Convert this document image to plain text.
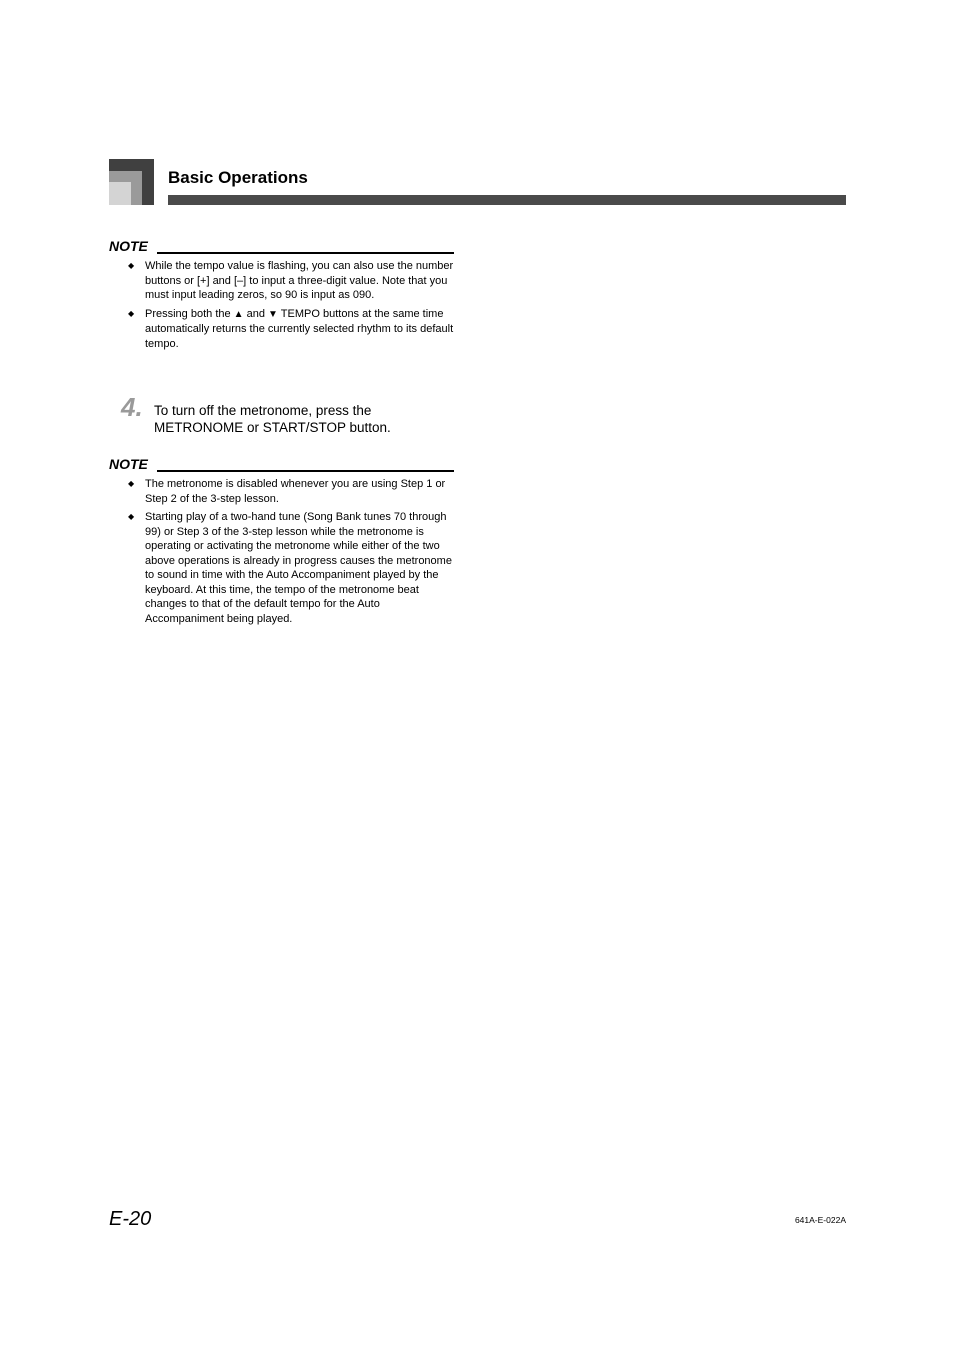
Basic Operations
NOTE
◆ While the tempo value is flashing, you can also use the number buttons or [+] and [–] to input a three-digit value. Note that you must input leading zeros, so 90 is input as 090.
◆ Pressing both the ▲ and ▼ TEMPO buttons at the same time automatically returns the currently selected rhythm to its default tempo.
4. To turn off the metronome, press the
METRONOME or START/STOP button.
NOTE
◆ The metronome is disabled whenever you are using Step 1 or Step 2 of the 3-step lesson.
◆ Starting play of a two-hand tune (Song Bank tunes 70 through 99) or Step 3 of the 3-step lesson while the metronome is operating or activating the metronome while either of the two above operations is already in progress causes the metronome to sound in time with the Auto Accompaniment played by the keyboard. At this time, the tempo of the metronome beat changes to that of the default tempo for the Auto Accompaniment being played.
E-20	641A-E-022A
